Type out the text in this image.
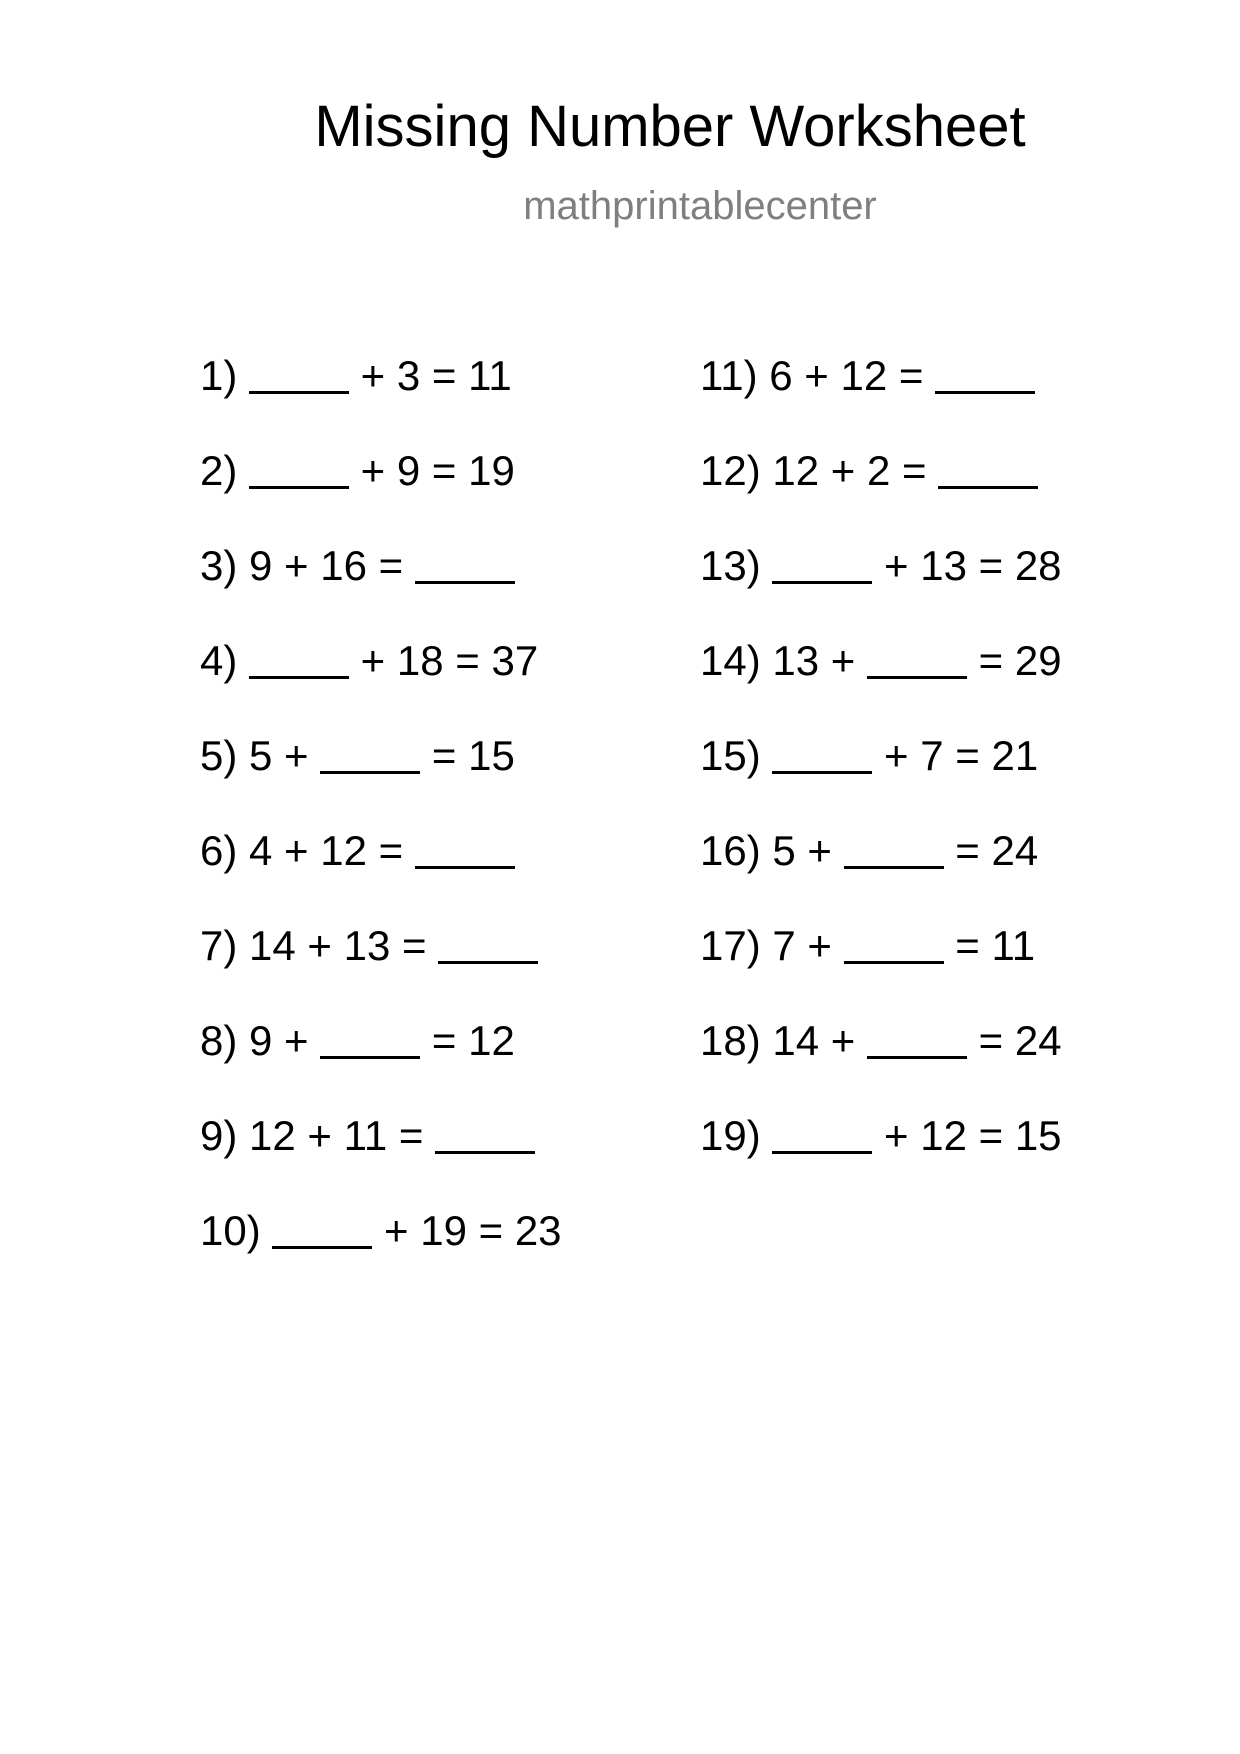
Missing Number Worksheet
mathprintablecenter
1)  + 3 = 11
2)  + 9 = 19
3) 9 + 16 =
4)  + 18 = 37
5) 5 +  = 15
6) 4 + 12 =
7) 14 + 13 =
8) 9 +  = 12
9) 12 + 11 =
10)  + 19 = 23
11) 6 + 12 =
12) 12 + 2 =
13)  + 13 = 28
14) 13 +  = 29
15)  + 7 = 21
16) 5 +  = 24
17) 7 +  = 11
18) 14 +  = 24
19)  + 12 = 15
